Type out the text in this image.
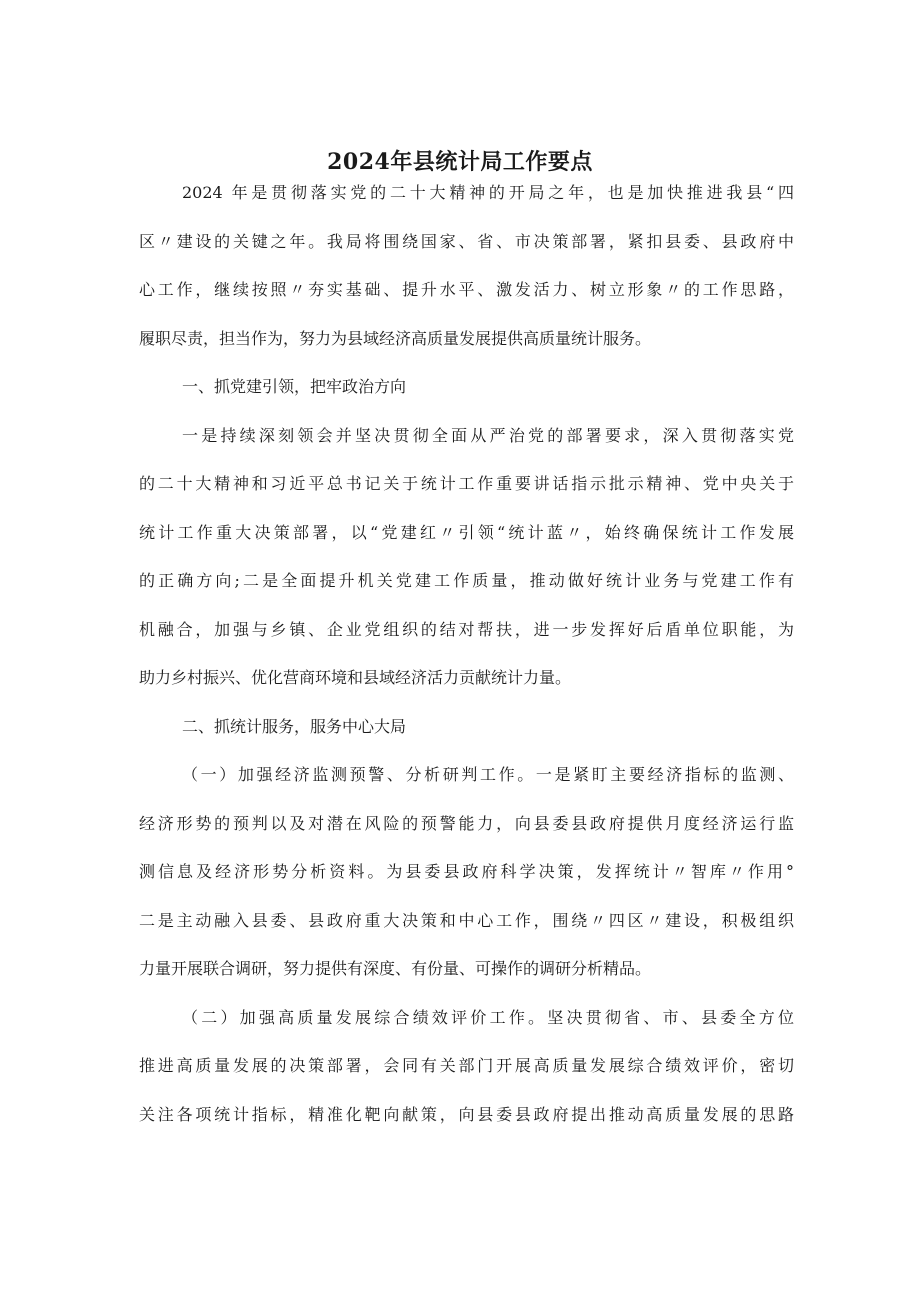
2024年县统计局工作要点
2024 年是贯彻落实党的二十大精神的开局之年，也是加快推进我县“四
区〃建设的关键之年。我局将围绕国家、省、市决策部署，紧扣县委、县政府中
心工作，继续按照〃夯实基础、提升水平、激发活力、树立形象〃的工作思路，
履职尽责，担当作为，努力为县域经济高质量发展提供高质量统计服务。
一、抓党建引领，把牢政治方向
一是持续深刻领会并坚决贯彻全面从严治党的部署要求，深入贯彻落实党
的二十大精神和习近平总书记关于统计工作重要讲话指示批示精神、党中央关于
统计工作重大决策部署，以“党建红〃引领“统计蓝〃，始终确保统计工作发展
的正确方向;二是全面提升机关党建工作质量，推动做好统计业务与党建工作有
机融合，加强与乡镇、企业党组织的结对帮扶，进一步发挥好后盾单位职能，为
助力乡村振兴、优化营商环境和县域经济活力贡献统计力量。
二、抓统计服务，服务中心大局
（一）加强经济监测预警、分析研判工作。一是紧盯主要经济指标的监测、
经济形势的预判以及对潜在风险的预警能力，向县委县政府提供月度经济运行监
测信息及经济形势分析资料。为县委县政府科学决策，发挥统计〃智库〃作用°
二是主动融入县委、县政府重大决策和中心工作，围绕〃四区〃建设，积极组织
力量开展联合调研，努力提供有深度、有份量、可操作的调研分析精品。
（二）加强高质量发展综合绩效评价工作。坚决贯彻省、市、县委全方位
推进高质量发展的决策部署，会同有关部门开展高质量发展综合绩效评价，密切
关注各项统计指标，精准化靶向献策，向县委县政府提出推动高质量发展的思路
